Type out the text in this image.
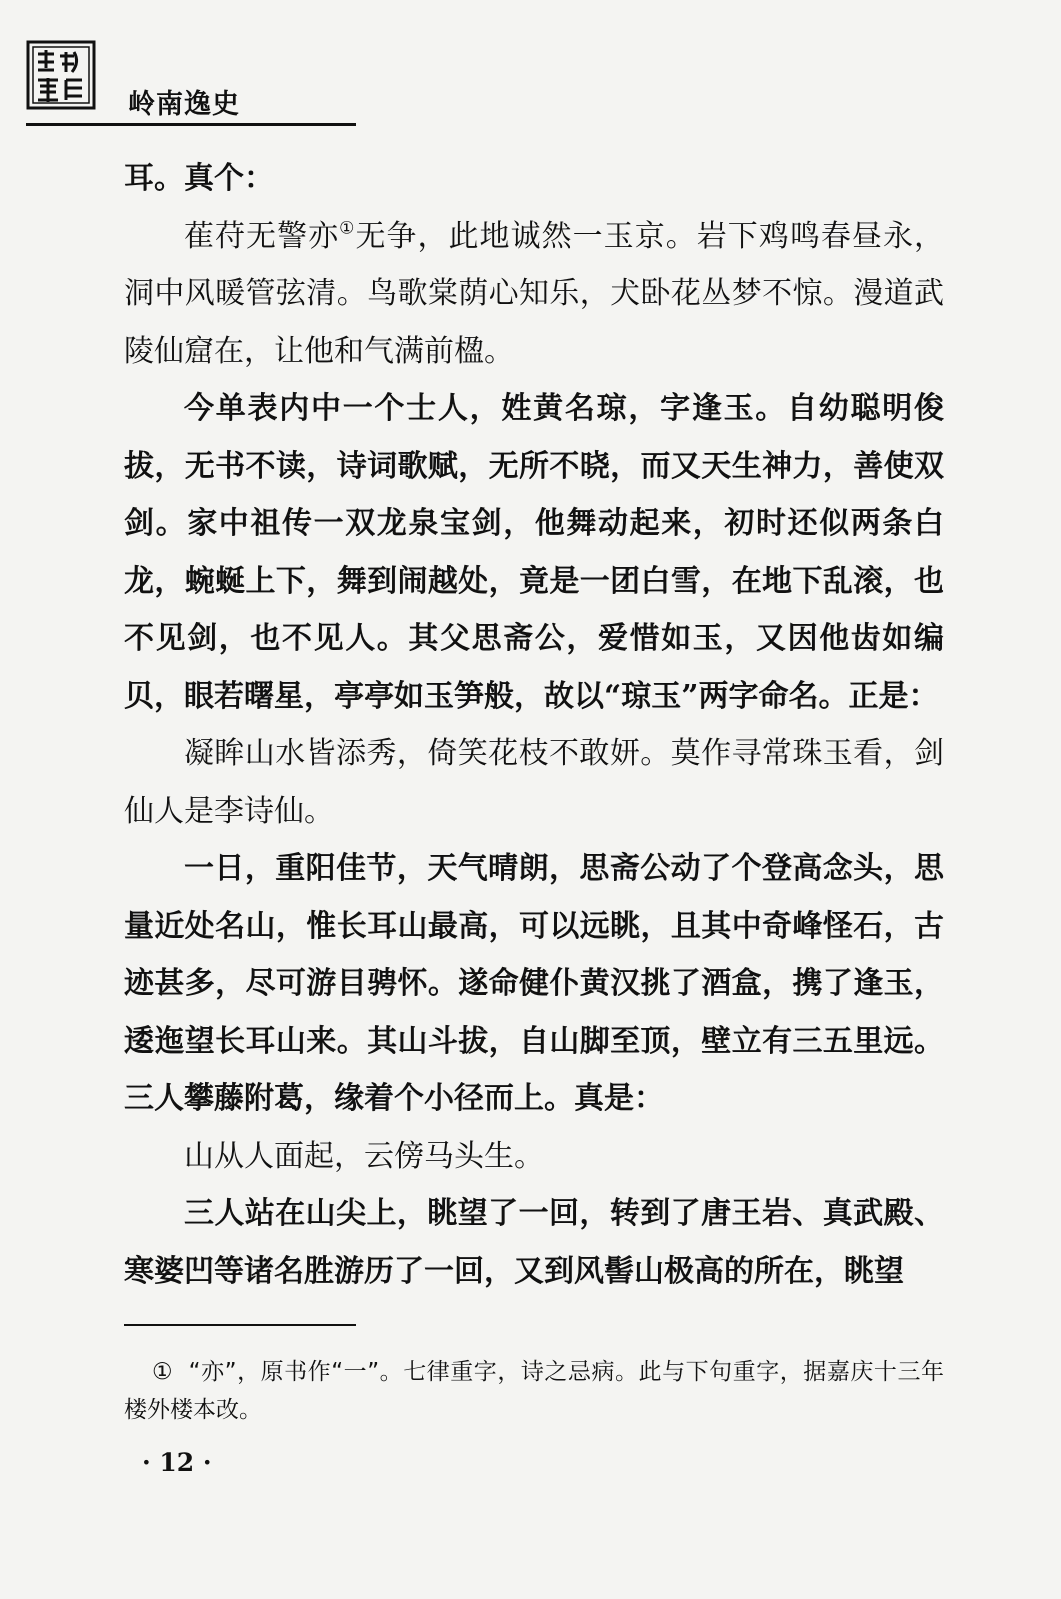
岭南逸史

耳。真个：

萑苻无警亦①无争，此地诚然一玉京。岩下鸡鸣春昼永，洞中风暖管弦清。鸟歌棠荫心知乐，犬卧花丛梦不惊。漫道武陵仙窟在，让他和气满前楹。

今单表内中一个士人，姓黄名琼，字逢玉。自幼聪明俊拔，无书不读，诗词歌赋，无所不晓，而又天生神力，善使双剑。家中祖传一双龙泉宝剑，他舞动起来，初时还似两条白龙，蜿蜒上下，舞到闹越处，竟是一团白雪，在地下乱滚，也不见剑，也不见人。其父思斋公，爱惜如玉，又因他齿如编贝，眼若曙星，亭亭如玉笋般，故以“琼玉”两字命名。正是：

凝眸山水皆添秀，倚笑花枝不敢妍。莫作寻常珠玉看，剑仙人是李诗仙。

一日，重阳佳节，天气晴朗，思斋公动了个登高念头，思量近处名山，惟长耳山最高，可以远眺，且其中奇峰怪石，古迹甚多，尽可游目骋怀。遂命健仆黄汉挑了酒盒，携了逢玉，逶迤望长耳山来。其山斗拔，自山脚至顶，壁立有三五里远。三人攀藤附葛，缘着个小径而上。真是：

山从人面起，云傍马头生。

三人站在山尖上，眺望了一回，转到了唐王岩、真武殿、寒婆凹等诸名胜游历了一回，又到风髻山极高的所在，眺望

① “亦”，原书作“一”。七律重字，诗之忌病。此与下句重字，据嘉庆十三年楼外楼本改。
· 12 ·
